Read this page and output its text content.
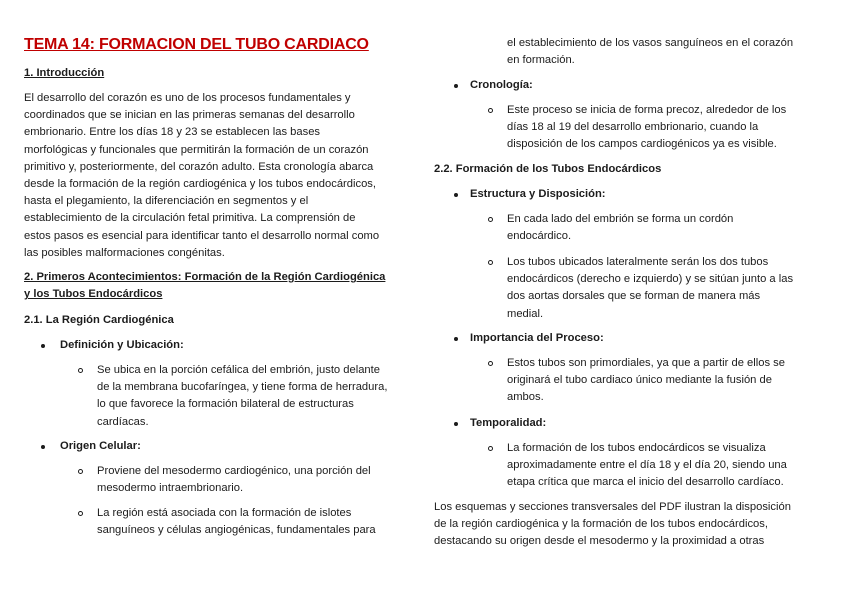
TEMA 14: FORMACION DEL TUBO CARDIACO
1. Introducción

El desarrollo del corazón es uno de los procesos fundamentales y

coordinados que se inician en las primeras semanas del desarrollo

embrionario. Entre los días 18 y 23 se establecen las bases

morfológicas y funcionales que permitirán la formación de un corazón

primitivo y, posteriormente, del corazón adulto. Esta cronología abarca

desde la formación de la región cardiogénica y los tubos endocárdicos,

hasta el plegamiento, la diferenciación en segmentos y el

establecimiento de la circulación fetal primitiva. La comprensión de

estos pasos es esencial para identificar tanto el desarrollo normal como

las posibles malformaciones congénitas.

2. Primeros Acontecimientos: Formación de la Región Cardiogénica

y los Tubos Endocárdicos

2.1. La Región Cardiogénica
Definición y Ubicación:

Se ubica en la porción cefálica del embrión, justo delante

de la membrana bucofaríngea, y tiene forma de herradura,

lo que favorece la formación bilateral de estructuras

cardíacas.

Origen Celular:

Proviene del mesodermo cardiogénico, una porción del

mesodermo intraembrionario.

La región está asociada con la formación de islotes

sanguíneos y células angiogénicas, fundamentales para

el establecimiento de los vasos sanguíneos en el corazón

en formación.

Cronología:

Este proceso se inicia de forma precoz, alrededor de los

días 18 al 19 del desarrollo embrionario, cuando la

disposición de los campos cardiogénicos ya es visible.

2.2. Formación de los Tubos Endocárdicos
Estructura y Disposición:

En cada lado del embrión se forma un cordón

endocárdico.

Los tubos ubicados lateralmente serán los dos tubos

endocárdicos (derecho e izquierdo) y se sitúan junto a las

dos aortas dorsales que se forman de manera más

medial.

Importancia del Proceso:

Estos tubos son primordiales, ya que a partir de ellos se

originará el tubo cardiaco único mediante la fusión de

ambos.

Temporalidad:

La formación de los tubos endocárdicos se visualiza

aproximadamente entre el día 18 y el día 20, siendo una

etapa crítica que marca el inicio del desarrollo cardíaco.

Los esquemas y secciones transversales del PDF ilustran la disposición

de la región cardiogénica y la formación de los tubos endocárdicos,

destacando su origen desde el mesodermo y la proximidad a otras
